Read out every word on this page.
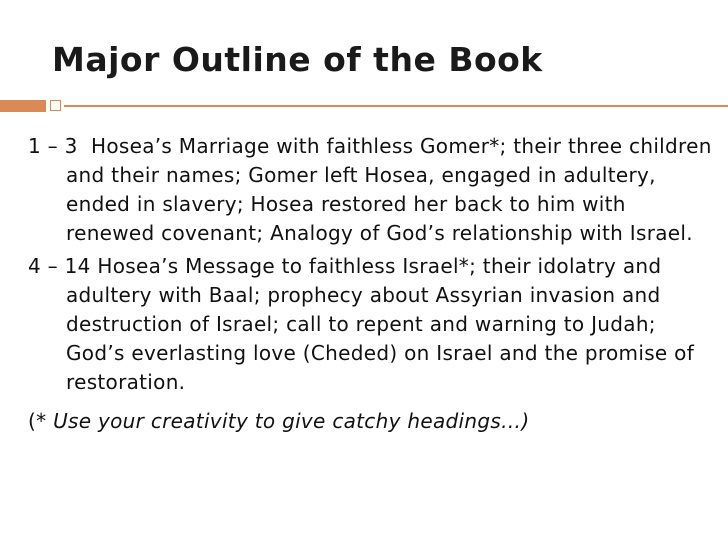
Major Outline of the Book

1 – 3 Hosea’s Marriage with faithless Gomer*; their three children and their names; Gomer left Hosea, engaged in adultery, ended in slavery; Hosea restored her back to him with renewed covenant; Analogy of God’s relationship with Israel.

4 – 14 Hosea’s Message to faithless Israel*; their idolatry and adultery with Baal; prophecy about Assyrian invasion and destruction of Israel; call to repent and warning to Judah; God’s everlasting love (Cheded) on Israel and the promise of restoration.

(* Use your creativity to give catchy headings…)
